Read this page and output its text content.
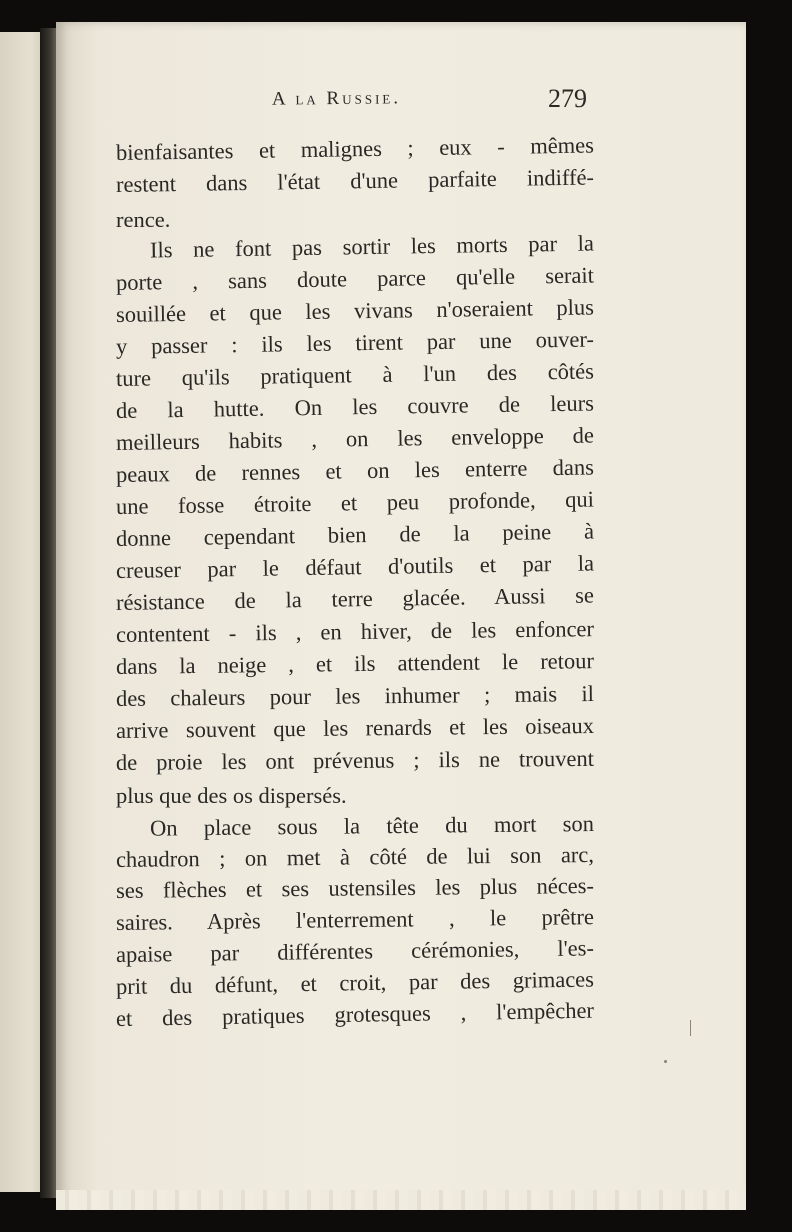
A la Russie.	279
bienfaisantes et malignes ; eux - mêmes
restent dans l'état d'une parfaite indiffé-
rence.
Ils ne font pas sortir les morts par la
porte , sans doute parce qu'elle serait
souillée et que les vivans n'oseraient plus
y passer : ils les tirent par une ouver-
ture qu'ils pratiquent à l'un des côtés
de la hutte. On les couvre de leurs
meilleurs habits , on les enveloppe de
peaux de rennes et on les enterre dans
une fosse étroite et peu profonde, qui
donne cependant bien de la peine à
creuser par le défaut d'outils et par la
résistance de la terre glacée. Aussi se
contentent - ils , en hiver, de les enfoncer
dans la neige , et ils attendent le retour
des chaleurs pour les inhumer ; mais il
arrive souvent que les renards et les oiseaux
de proie les ont prévenus ; ils ne trouvent
plus que des os dispersés.
On place sous la tête du mort son
chaudron ; on met à côté de lui son arc,
ses flèches et ses ustensiles les plus néces-
saires. Après l'enterrement , le prêtre
apaise par différentes cérémonies, l'es-
prit du défunt, et croit, par des grimaces
et des pratiques grotesques , l'empêcher
